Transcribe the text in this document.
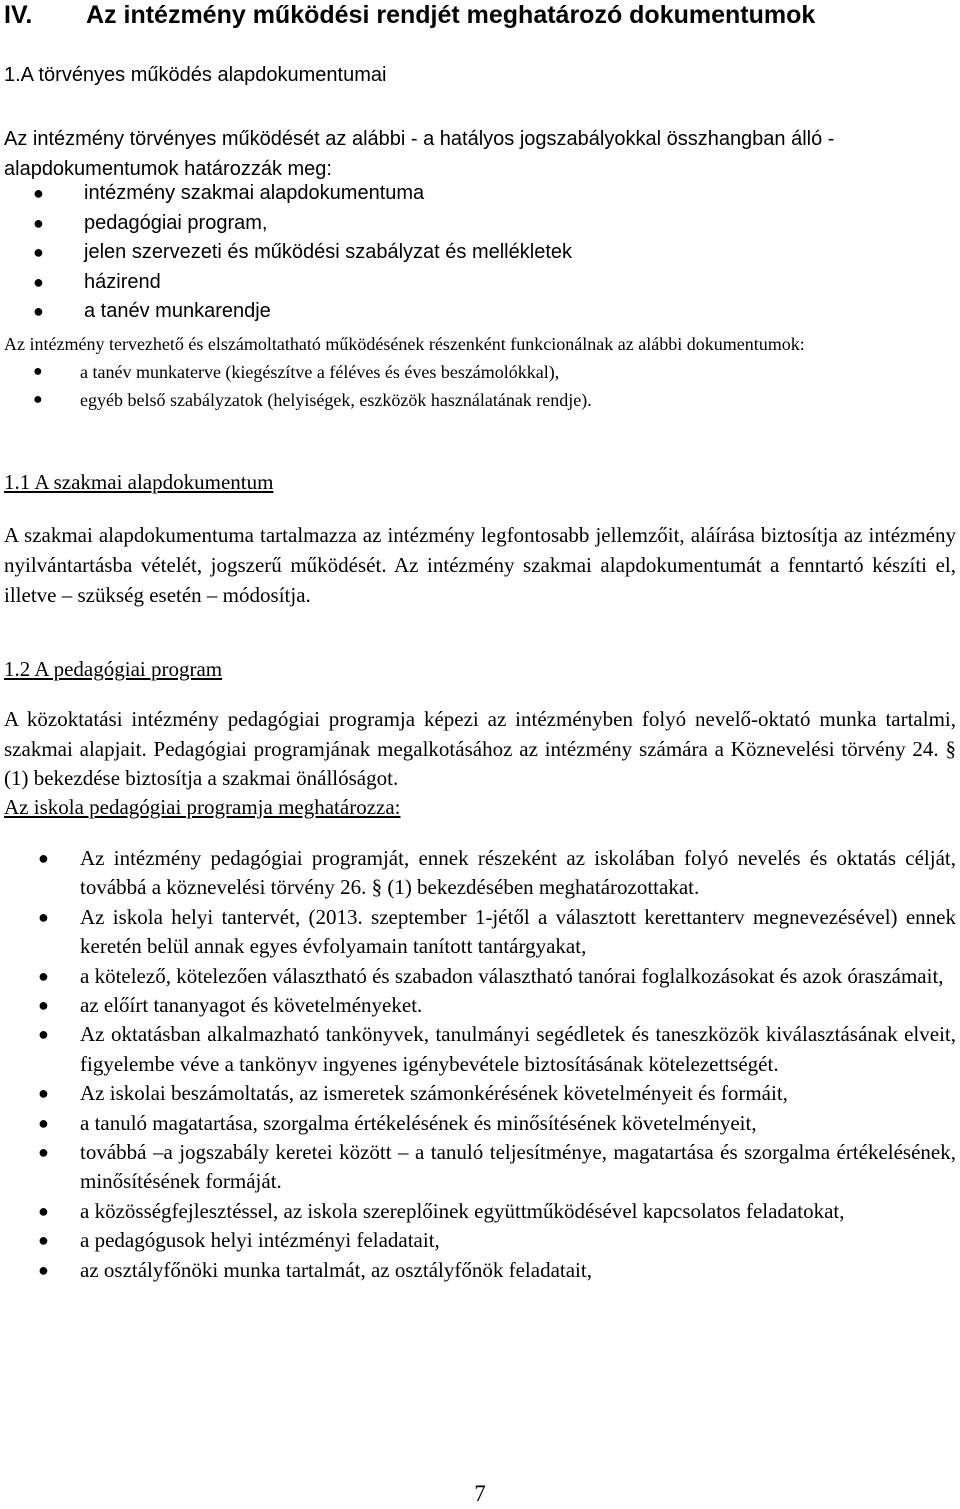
IV. Az intézmény működési rendjét meghatározó dokumentumok
1.A törvényes működés alapdokumentumai
Az intézmény törvényes működését az alábbi - a hatályos jogszabályokkal összhangban álló - alapdokumentumok határozzák meg:
● intézmény szakmai alapdokumentuma
● pedagógiai program,
● jelen szervezeti és működési szabályzat és mellékletek
● házirend
● a tanév munkarendje
Az intézmény tervezhető és elszámoltatható működésének részenként funkcionálnak az alábbi dokumentumok:
● a tanév munkaterve (kiegészítve a féléves és éves beszámolókkal),
● egyéb belső szabályzatok (helyiségek, eszközök használatának rendje).
1.1 A szakmai alapdokumentum
A szakmai alapdokumentuma tartalmazza az intézmény legfontosabb jellemzőit, aláírása biztosítja az intézmény nyilvántartásba vételét, jogszerű működését. Az intézmény szakmai alapdokumentumát a fenntartó készíti el, illetve – szükség esetén – módosítja.
1.2 A pedagógiai program
A közoktatási intézmény pedagógiai programja képezi az intézményben folyó nevelő-oktató munka tartalmi, szakmai alapjait. Pedagógiai programjának megalkotásához az intézmény számára a Köznevelési törvény 24. § (1) bekezdése biztosítja a szakmai önállóságot.
Az iskola pedagógiai programja meghatározza:
● Az intézmény pedagógiai programját, ennek részeként az iskolában folyó nevelés és oktatás célját, továbbá a köznevelési törvény 26. § (1) bekezdésében meghatározottakat.
● Az iskola helyi tantervét, (2013. szeptember 1-jétől a választott kerettanterv megnevezésével) ennek keretén belül annak egyes évfolyamain tanított tantárgyakat,
● a kötelező, kötelezően választható és szabadon választható tanórai foglalkozásokat és azok óraszámait,
● az előírt tananyagot és követelményeket.
● Az oktatásban alkalmazható tankönyvek, tanulmányi segédletek és taneszközök kiválasztásának elveit, figyelembe véve a tankönyv ingyenes igénybevétele biztosításának kötelezettségét.
● Az iskolai beszámoltatás, az ismeretek számonkérésének követelményeit és formáit,
● a tanuló magatartása, szorgalma értékelésének és minősítésének követelményeit,
● továbbá –a jogszabály keretei között – a tanuló teljesítménye, magatartása és szorgalma értékelésének, minősítésének formáját.
● a közösségfejlesztéssel, az iskola szereplőinek együttműködésével kapcsolatos feladatokat,
● a pedagógusok helyi intézményi feladatait,
● az osztályfőnöki munka tartalmát, az osztályfőnök feladatait,
7
